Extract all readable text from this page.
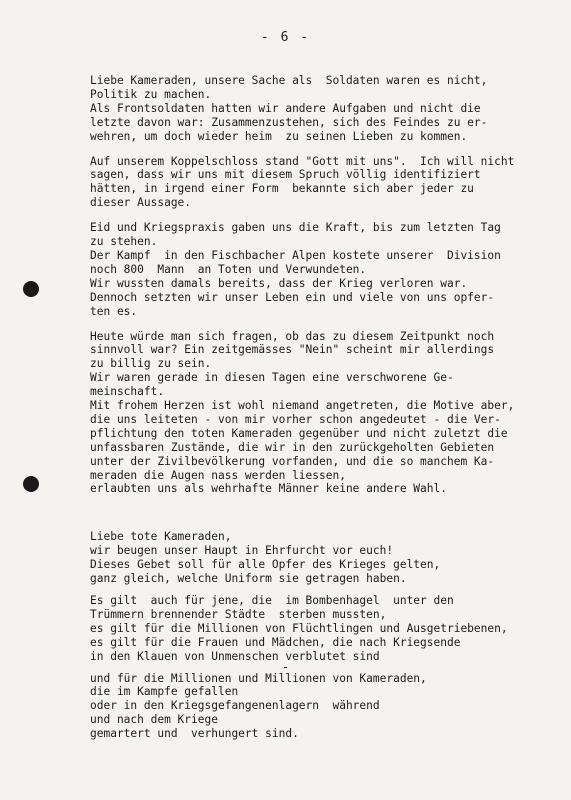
- 6 -
Liebe Kameraden, unsere Sache als  Soldaten waren es nicht,
Politik zu machen.
Als Frontsoldaten hatten wir andere Aufgaben und nicht die
letzte davon war: Zusammenzustehen, sich des Feindes zu er-
wehren, um doch wieder heim  zu seinen Lieben zu kommen.
Auf unserem Koppelschloss stand "Gott mit uns".  Ich will nicht
sagen, dass wir uns mit diesem Spruch völlig identifiziert
hätten, in irgend einer Form  bekannte sich aber jeder zu
dieser Aussage.
Eid und Kriegspraxis gaben uns die Kraft, bis zum letzten Tag
zu stehen.
Der Kampf  in den Fischbacher Alpen kostete unserer  Division
noch 800  Mann  an Toten und Verwundeten.
Wir wussten damals bereits, dass der Krieg verloren war.
Dennoch setzten wir unser Leben ein und viele von uns opfer-
ten es.
Heute würde man sich fragen, ob das zu diesem Zeitpunkt noch
sinnvoll war? Ein zeitgemässes "Nein" scheint mir allerdings
zu billig zu sein.
Wir waren gerade in diesen Tagen eine verschworene Ge-
meinschaft.
Mit frohem Herzen ist wohl niemand angetreten, die Motive aber,
die uns leiteten - von mir vorher schon angedeutet - die Ver-
pflichtung den toten Kameraden gegenüber und nicht zuletzt die
unfassbaren Zustände, die wir in den zurückgeholten Gebieten
unter der Zivilbevölkerung vorfanden, und die so manchem Ka-
meraden die Augen nass werden liessen,
erlaubten uns als wehrhafte Männer keine andere Wahl.
Liebe tote Kameraden,
wir beugen unser Haupt in Ehrfurcht vor euch!
Dieses Gebet soll für alle Opfer des Krieges gelten,
ganz gleich, welche Uniform sie getragen haben.
Es gilt  auch für jene, die  im Bombenhagel  unter den
Trümmern brennender Städte  sterben mussten,
es gilt für die Millionen von Flüchtlingen und Ausgetriebenen,
es gilt für die Frauen und Mädchen, die nach Kriegsende
in den Klauen von Unmenschen verblutet sind
und für die Millionen und Millionen von Kameraden,
die im Kampfe gefallen
oder in den Kriegsgefangenenlagern  während
und nach dem Kriege
gemartert und  verhungert sind.
-
